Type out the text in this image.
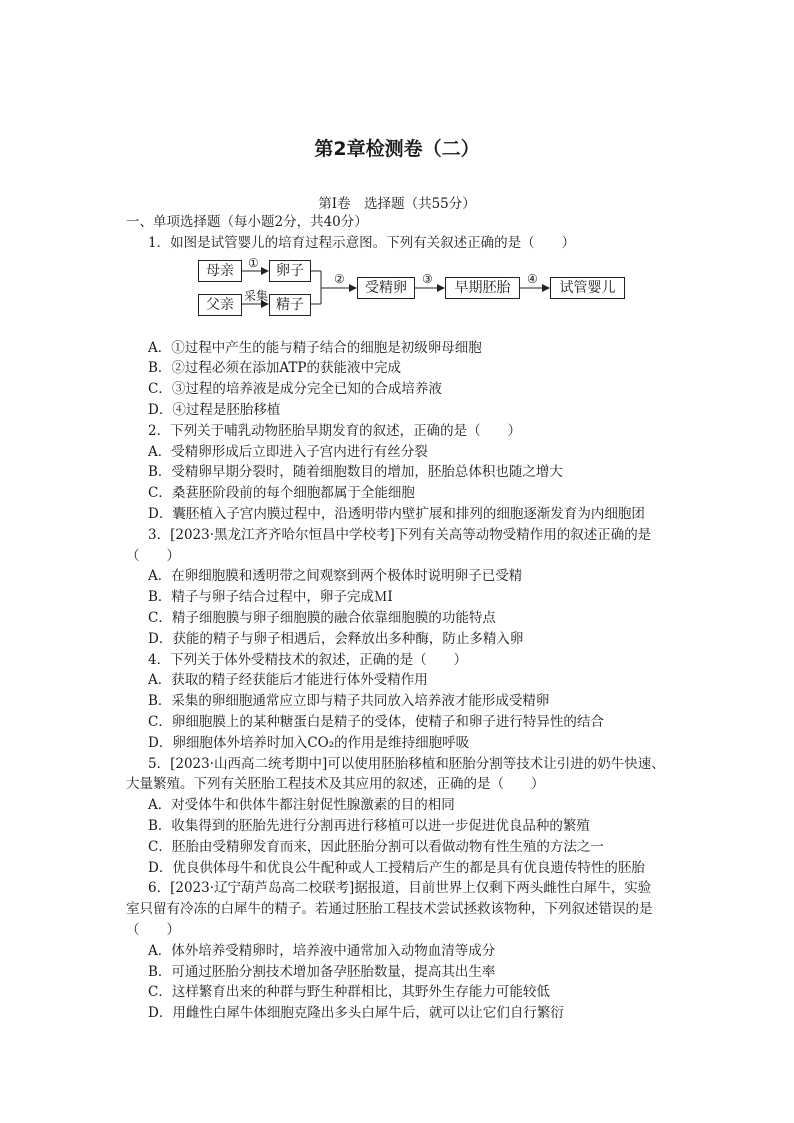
第2章检测卷（二）
第Ⅰ卷　选择题（共55分）
一、单项选择题（每小题2分，共40分）
1．如图是试管婴儿的培育过程示意图。下列有关叙述正确的是（　　）
母亲
父亲
卵子
精子
受精卵	早期胚胎	试管婴儿
①
采集
②	③	④
A．①过程中产生的能与精子结合的细胞是初级卵母细胞
B．②过程必须在添加ATP的获能液中完成
C．③过程的培养液是成分完全已知的合成培养液
D．④过程是胚胎移植
2．下列关于哺乳动物胚胎早期发育的叙述，正确的是（　　）
A．受精卵形成后立即进入子宫内进行有丝分裂
B．受精卵早期分裂时，随着细胞数目的增加，胚胎总体积也随之增大
C．桑葚胚阶段前的每个细胞都属于全能细胞
D．囊胚植入子宫内膜过程中，沿透明带内壁扩展和排列的细胞逐渐发育为内细胞团
3．[2023·黑龙江齐齐哈尔恒昌中学校考]下列有关高等动物受精作用的叙述正确的是
（　　）
A．在卵细胞膜和透明带之间观察到两个极体时说明卵子已受精
B．精子与卵子结合过程中，卵子完成ＭⅠ
C．精子细胞膜与卵子细胞膜的融合依靠细胞膜的功能特点
D．获能的精子与卵子相遇后，会释放出多种酶，防止多精入卵
4．下列关于体外受精技术的叙述，正确的是（　　）
A．获取的精子经获能后才能进行体外受精作用
B．采集的卵细胞通常应立即与精子共同放入培养液才能形成受精卵
C．卵细胞膜上的某种糖蛋白是精子的受体，使精子和卵子进行特异性的结合
D．卵细胞体外培养时加入CO₂的作用是维持细胞呼吸
5．[2023·山西高二统考期中]可以使用胚胎移植和胚胎分割等技术让引进的奶牛快速、
大量繁殖。下列有关胚胎工程技术及其应用的叙述，正确的是（　　）
A．对受体牛和供体牛都注射促性腺激素的目的相同
B．收集得到的胚胎先进行分割再进行移植可以进一步促进优良品种的繁殖
C．胚胎由受精卵发育而来，因此胚胎分割可以看做动物有性生殖的方法之一
D．优良供体母牛和优良公牛配种或人工授精后产生的都是具有优良遗传特性的胚胎
6．[2023·辽宁葫芦岛高二校联考]据报道，目前世界上仅剩下两头雌性白犀牛，实验
室只留有冷冻的白犀牛的精子。若通过胚胎工程技术尝试拯救该物种，下列叙述错误的是
（　　）
A．体外培养受精卵时，培养液中通常加入动物血清等成分
B．可通过胚胎分割技术增加备孕胚胎数量，提高其出生率
C．这样繁育出来的种群与野生种群相比，其野外生存能力可能较低
D．用雌性白犀牛体细胞克隆出多头白犀牛后，就可以让它们自行繁衍
